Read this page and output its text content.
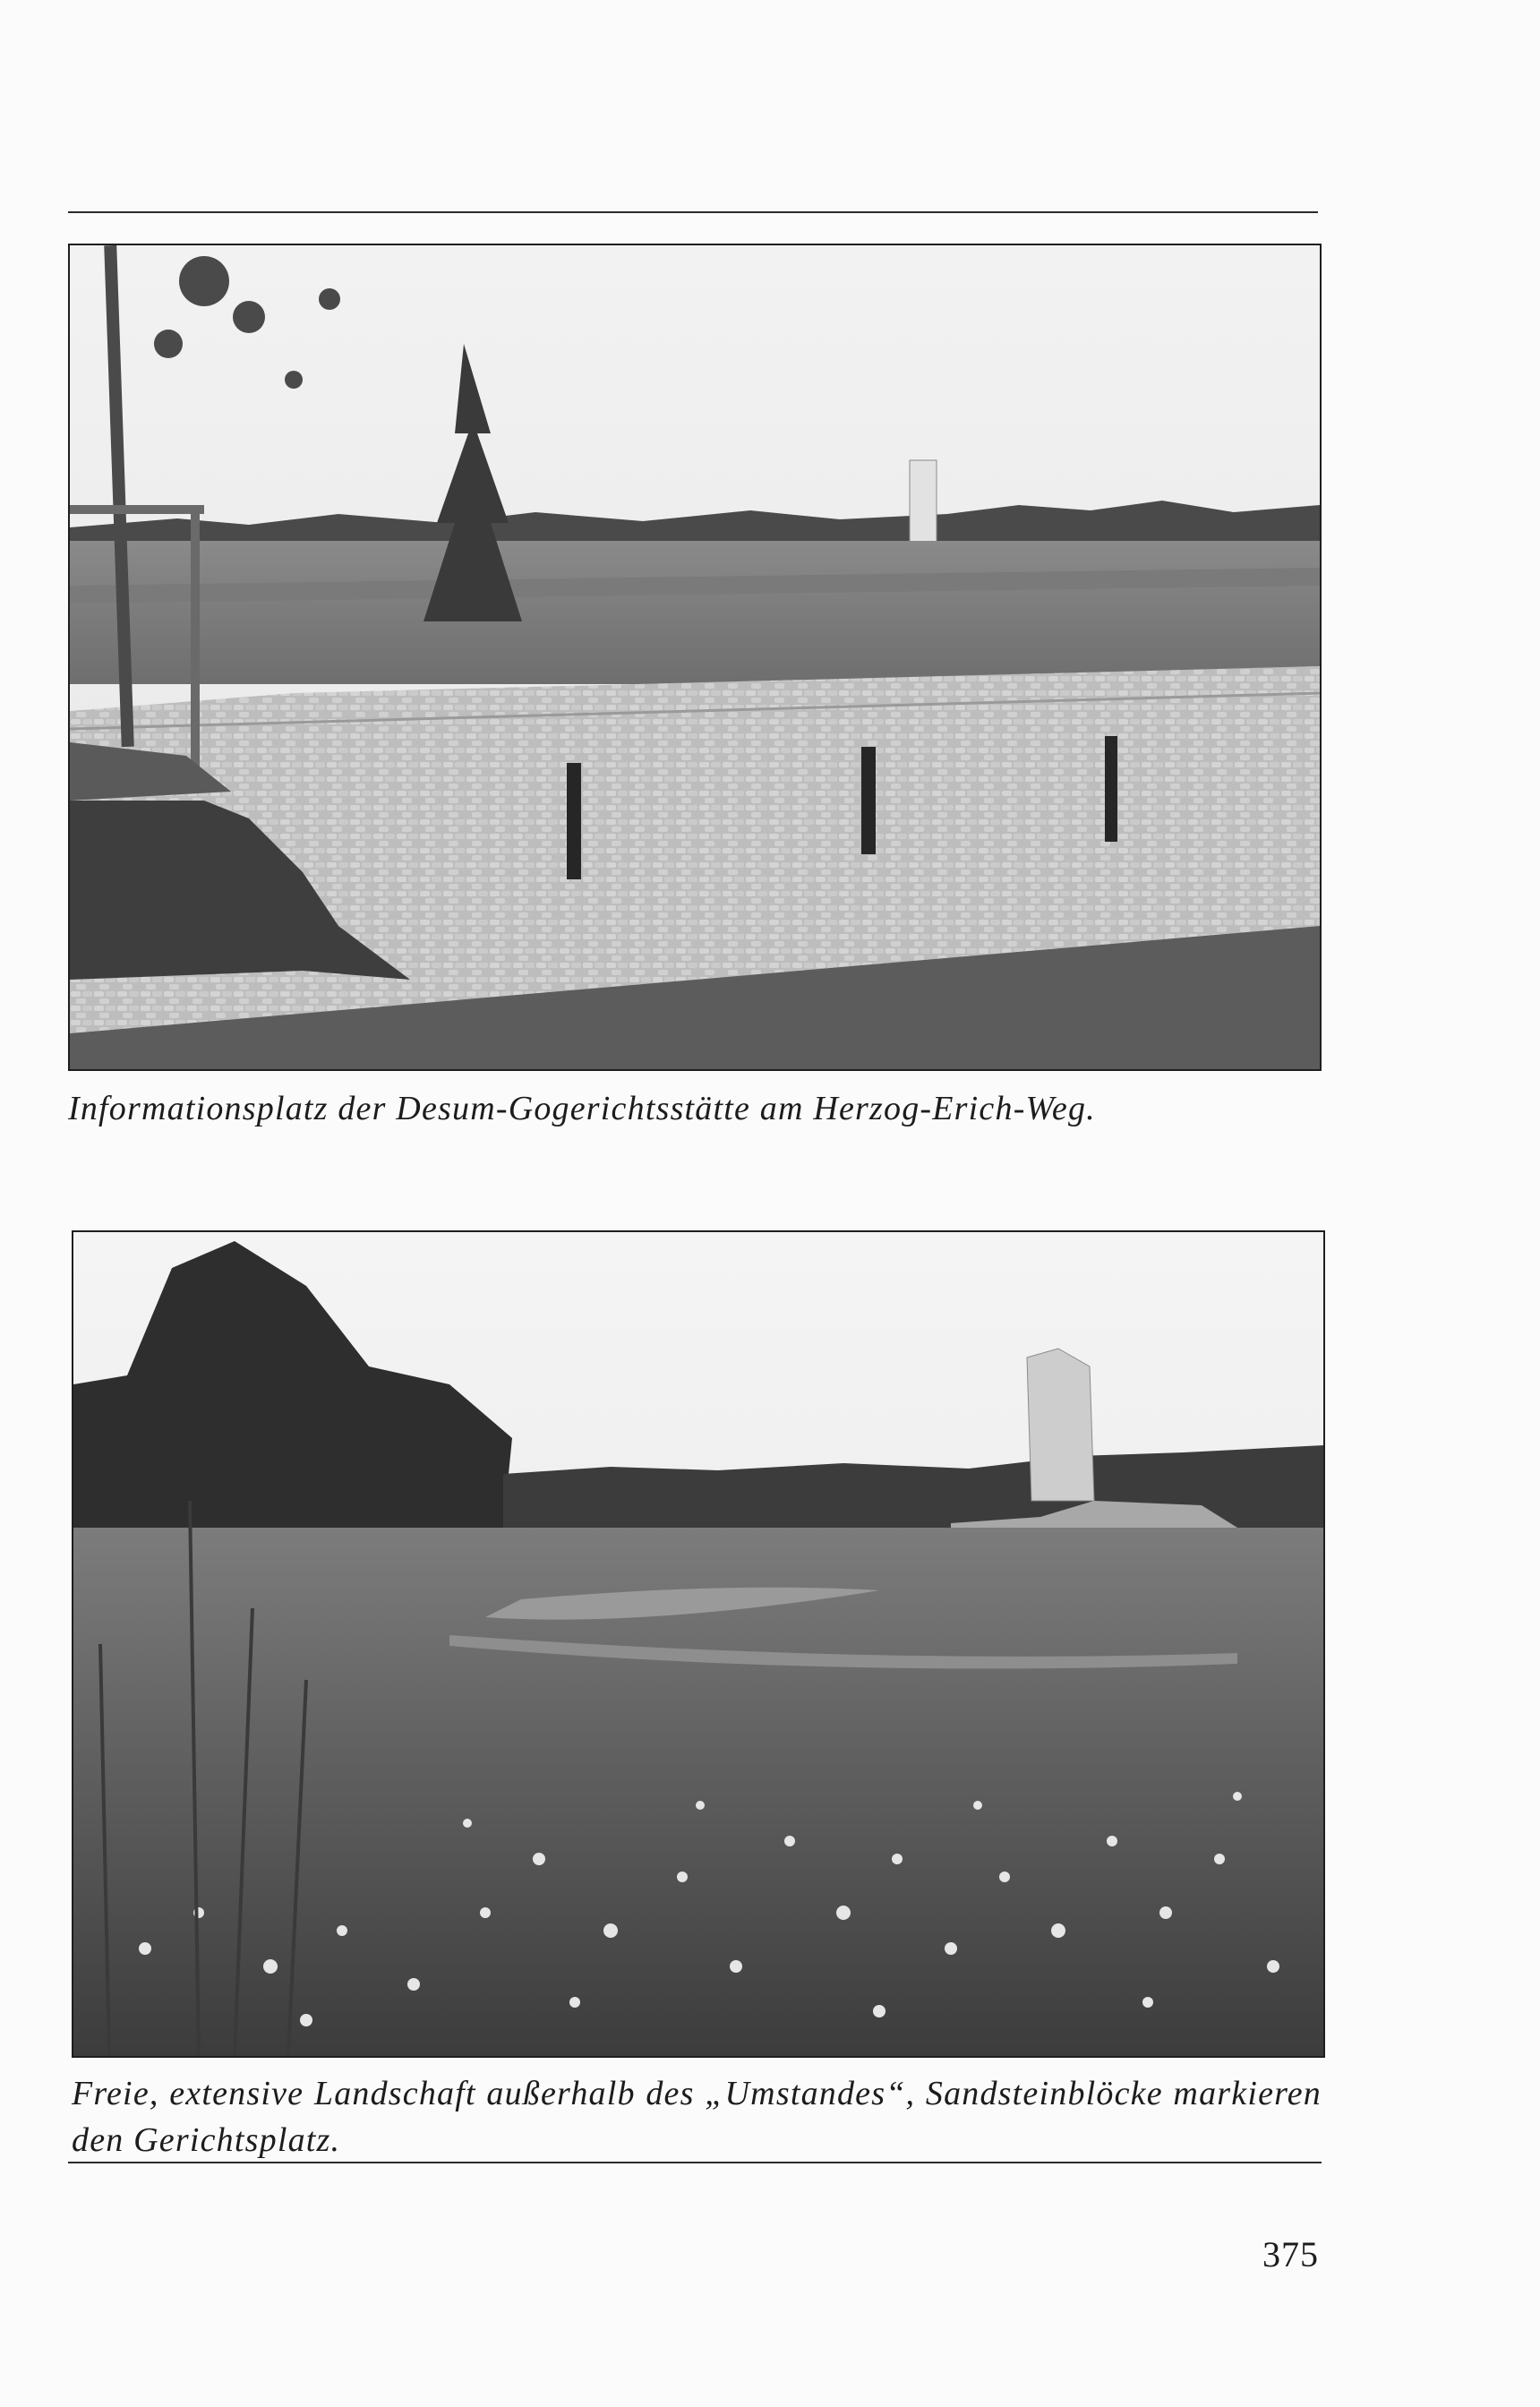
Informationsplatz der Desum-Gogerichtsstätte am Herzog-Erich-Weg.

Freie, extensive Landschaft außerhalb des „Umstandes“, Sandsteinblöcke markieren den Gerichtsplatz.

375
